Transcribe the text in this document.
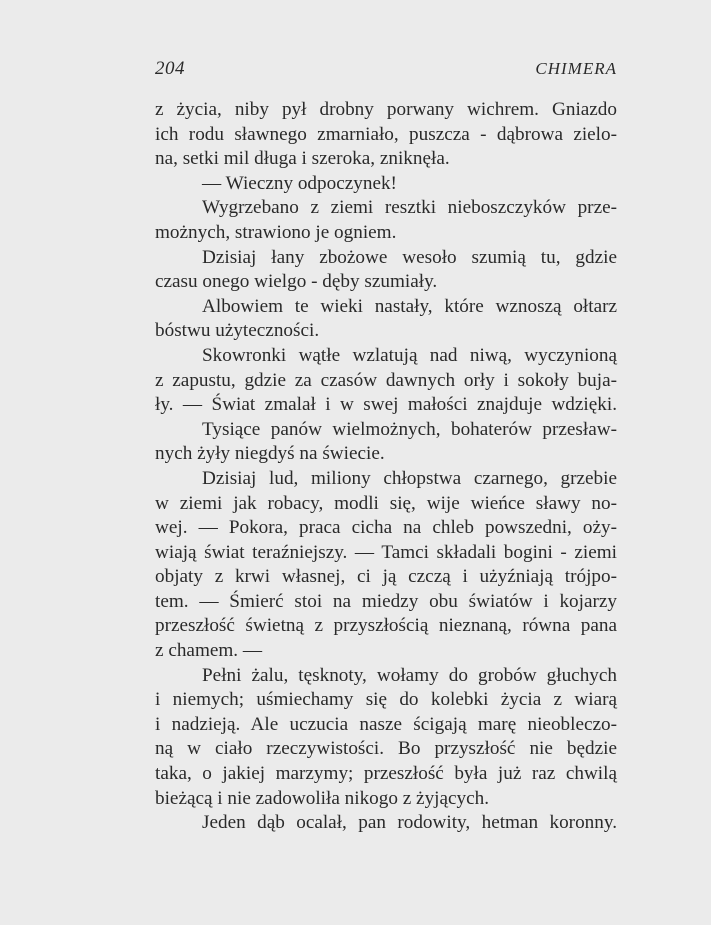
204	CHIMERA
z życia, niby pył drobny porwany wichrem. Gniazdo
ich rodu sławnego zmarniało, puszcza - dąbrowa zielo-
na, setki mil długa i szeroka, zniknęła.
— Wieczny odpoczynek!
Wygrzebano z ziemi resztki nieboszczyków prze-
możnych, strawiono je ogniem.
Dzisiaj łany zbożowe wesoło szumią tu, gdzie
czasu onego wielgo - dęby szumiały.
Albowiem te wieki nastały, które wznoszą ołtarz
bóstwu użyteczności.
Skowronki wątłe wzlatują nad niwą, wyczynioną
z zapustu, gdzie za czasów dawnych orły i sokoły buja-
ły. — Świat zmalał i w swej małości znajduje wdzięki.
Tysiące panów wielmożnych, bohaterów przesław-
nych żyły niegdyś na świecie.
Dzisiaj lud, miliony chłopstwa czarnego, grzebie
w ziemi jak robacy, modli się, wije wieńce sławy no-
wej. — Pokora, praca cicha na chleb powszedni, oży-
wiają świat teraźniejszy. — Tamci składali bogini - ziemi
objaty z krwi własnej, ci ją czczą i użyźniają trójpo-
tem. — Śmierć stoi na miedzy obu światów i kojarzy
przeszłość świetną z przyszłością nieznaną, równa pana
z chamem. —
Pełni żalu, tęsknoty, wołamy do grobów głuchych
i niemych; uśmiechamy się do kolebki życia z wiarą
i nadzieją. Ale uczucia nasze ścigają marę nieobleczo-
ną w ciało rzeczywistości. Bo przyszłość nie będzie
taka, o jakiej marzymy; przeszłość była już raz chwilą
bieżącą i nie zadowoliła nikogo z żyjących.
Jeden dąb ocalał, pan rodowity, hetman koronny.
